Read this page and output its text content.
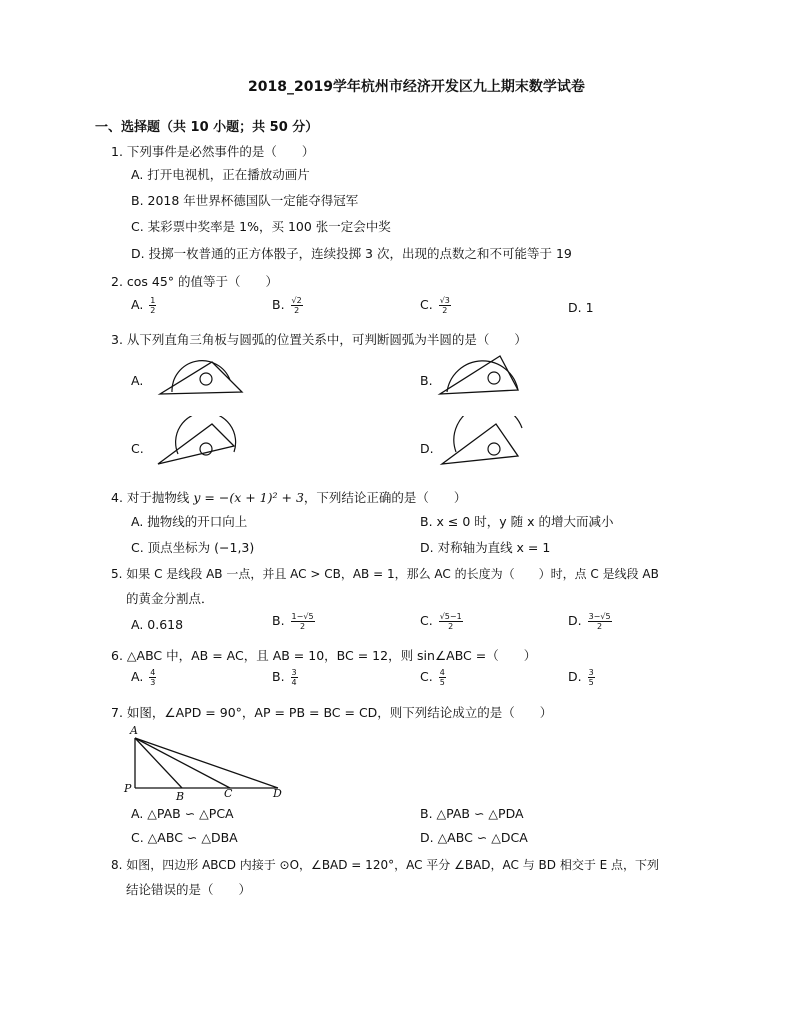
2018_2019学年杭州市经济开发区九上期末数学试卷
一、选择题（共 10 小题；共 50 分）
1. 下列事件是必然事件的是（　　）
A. 打开电视机，正在播放动画片
B. 2018 年世界杯德国队一定能夺得冠军
C. 某彩票中奖率是 1%，买 100 张一定会中奖
D. 投掷一枚普通的正方体骰子，连续投掷 3 次，出现的点数之和不可能等于 19
2. cos 45° 的值等于（　　）
A. $\frac{1}{2}$	B. $\frac{√2}{2}$	C. $\frac{√3}{2}$	D. 1
3. 从下列直角三角板与圆弧的位置关系中，可判断圆弧为半圆的是（　　）
A.	B.
C.	D.
4. 对于抛物线 y = −(x + 1)² + 3，下列结论正确的是（　　）
A. 抛物线的开口向上	B. x ≤ 0 时，y 随 x 的增大而减小
C. 顶点坐标为 (−1,3)	D. 对称轴为直线 x = 1
5. 如果 C 是线段 AB 一点，并且 AC > CB，AB = 1，那么 AC 的长度为（　　）时，点 C 是线段 AB
的黄金分割点．
A. 0.618	B. $\frac{1-√5}{2}$	C. $\frac{√5-1}{2}$	D. $\frac{3-√5}{2}$
6. △ABC 中，AB = AC，且 AB = 10，BC = 12，则 sin∠ABC =（　　）
A. $\frac{4}{3}$	B. $\frac{3}{4}$	C. $\frac{4}{5}$	D. $\frac{3}{5}$
7. 如图，∠APD = 90°，AP = PB = BC = CD，则下列结论成立的是（　　）
A
P
B	C	D
A. △PAB ∽ △PCA	B. △PAB ∽ △PDA
C. △ABC ∽ △DBA	D. △ABC ∽ △DCA
8. 如图，四边形 ABCD 内接于 ⊙O，∠BAD = 120°，AC 平分 ∠BAD，AC 与 BD 相交于 E 点，下列
结论错误的是（　　）
